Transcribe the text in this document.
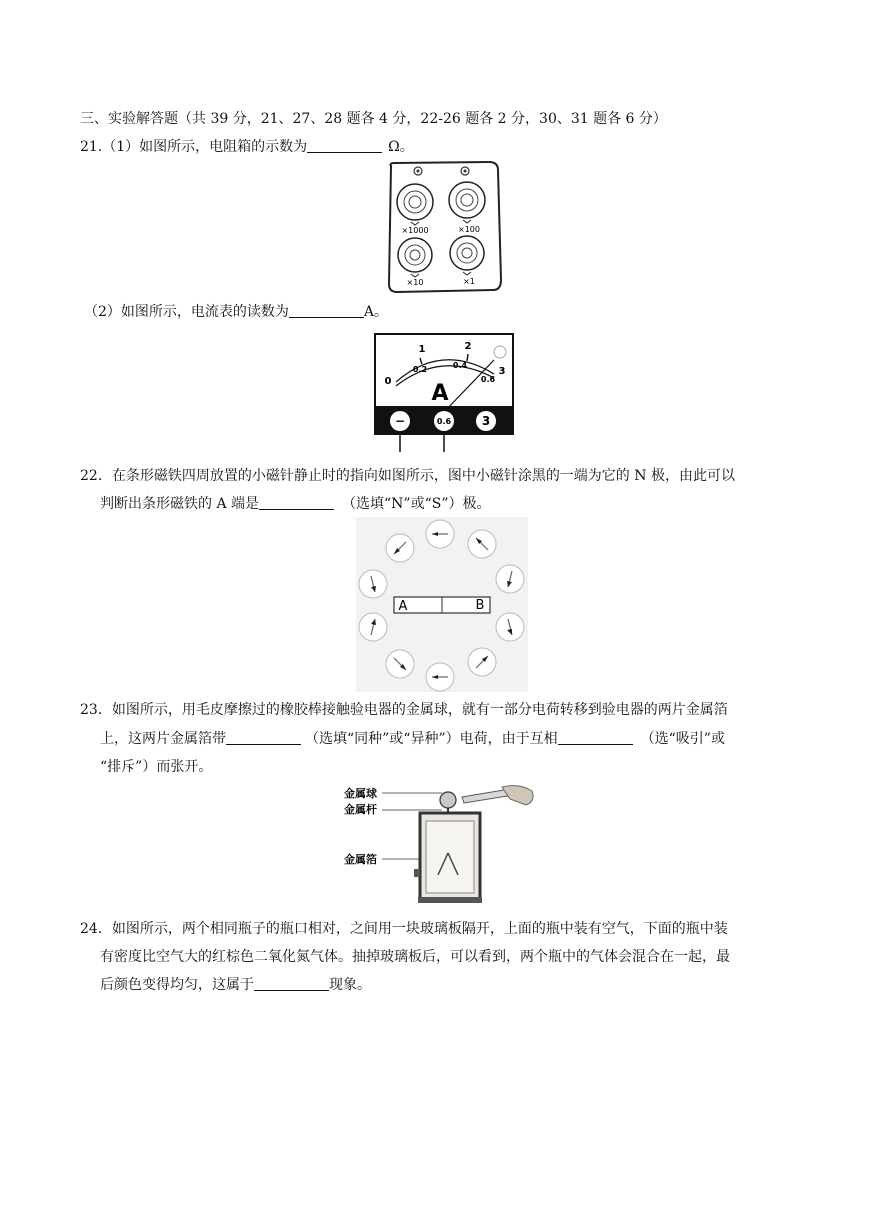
三、实验解答题（共 39 分，21、27、28 题各 4 分，22-26 题各 2 分，30、31 题各 6 分）
21.（1）如图所示，电阻箱的示数为	Ω。
×1000	×100
×10	×1
（2）如图所示，电流表的读数为	A。
1	2
3
0
0.2	0.4
0.6
A
−	0.6	3
22．在条形磁铁四周放置的小磁针静止时的指向如图所示，图中小磁针涂黑的一端为它的 N 极，由此可以
判断出条形磁铁的 A 端是	（选填“N”或“S”）极。
A	B
23．如图所示，用毛皮摩擦过的橡胶棒接触验电器的金属球，就有一部分电荷转移到验电器的两片金属箔
上，这两片金属箔带	（选填“同种”或“异种”）电荷，由于互相	（选“吸引”或
“排斥”）而张开。
金属球
金属杆
金属箔
24．如图所示，两个相同瓶子的瓶口相对，之间用一块玻璃板隔开，上面的瓶中装有空气，下面的瓶中装
有密度比空气大的红棕色二氧化氮气体。抽掉玻璃板后，可以看到，两个瓶中的气体会混合在一起，最
后颜色变得均匀，这属于	现象。
